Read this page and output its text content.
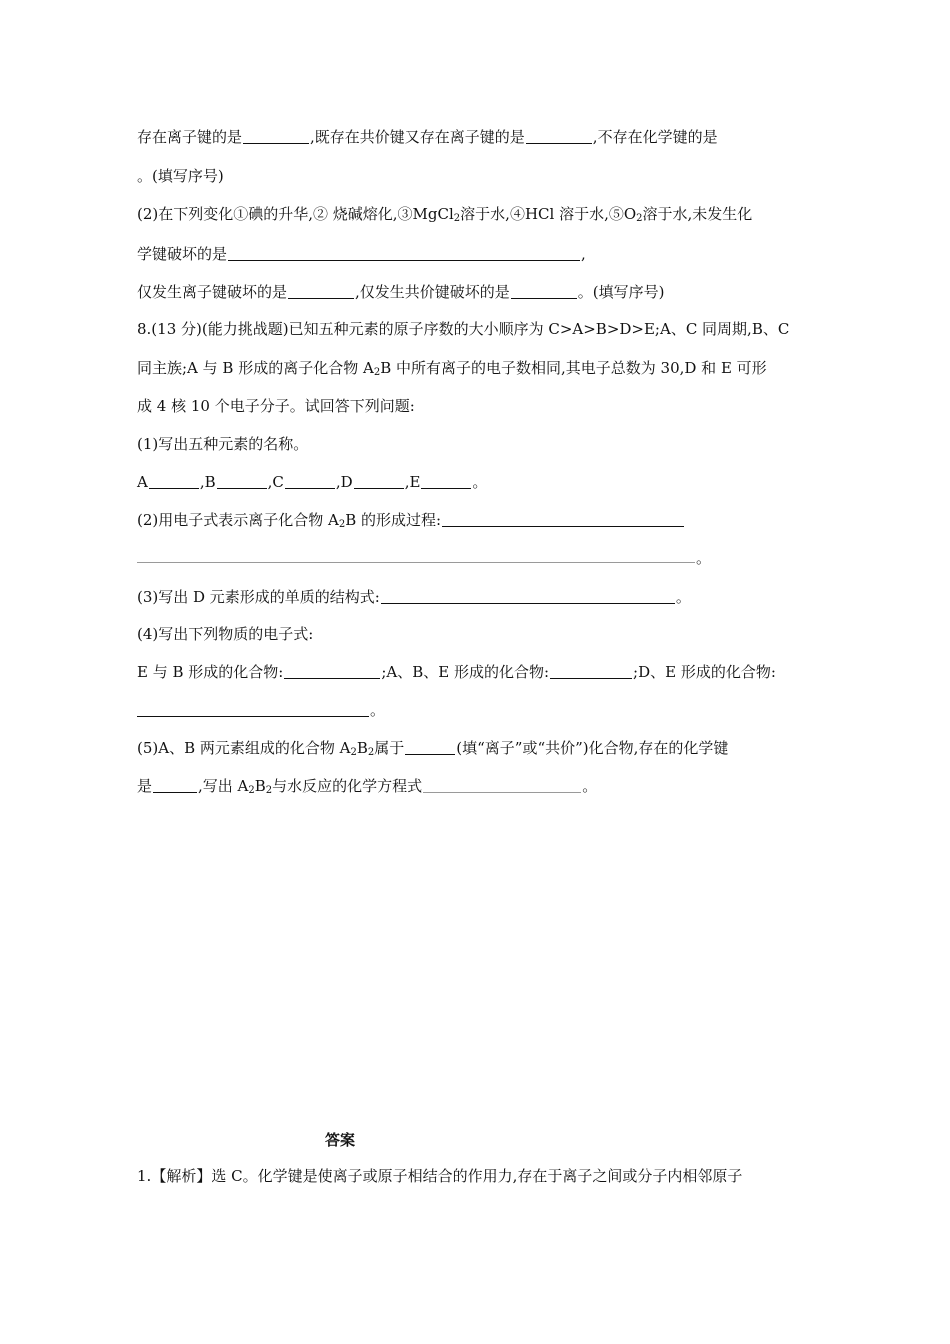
存在离子键的是	,既存在共价键又存在离子键的是	,不存在化学键的是
。(填写序号)
(2)在下列变化①碘的升华,② 烧碱熔化,③MgCl$_2$溶于水,④HCl 溶于水$,⑤O_2$溶于水,未发生化
学键破坏的是	,
仅发生离子键破坏的是	,仅发生共价键破坏的是	。(填写序号)
8.(13 分)(能力挑战题)已知五种元素的原子序数的大小顺序为 C>A>B>D>E;A、C 同周期,B、C
同主族;A 与 B 形成的离子化合物 $A_2B$ 中所有离子的电子数相同,其电子总数为 30,D 和 E 可形
成 4 核 10 个电子分子。试回答下列问题:
(1)写出五种元素的名称。
A	,B	,C	,D	,E	。
(2)用电子式表示离子化合物 $A_2B$ 的形成过程:
。
(3)写出 D 元素形成的单质的结构式:	。
(4)写出下列物质的电子式:
E 与 B 形成的化合物:	;A、B、E 形成的化合物:	;D、E 形成的化合物:
。
(5)A、B 两元素组成的化合物 $A_2B_2$属于	(填“离子”或“共价”)化合物,存在的化学键
是	,写出 $A_2B_2$与水反应的化学方程式	。
答案
1.【解析】选 C。化学键是使离子或原子相结合的作用力,存在于离子之间或分子内相邻原子
